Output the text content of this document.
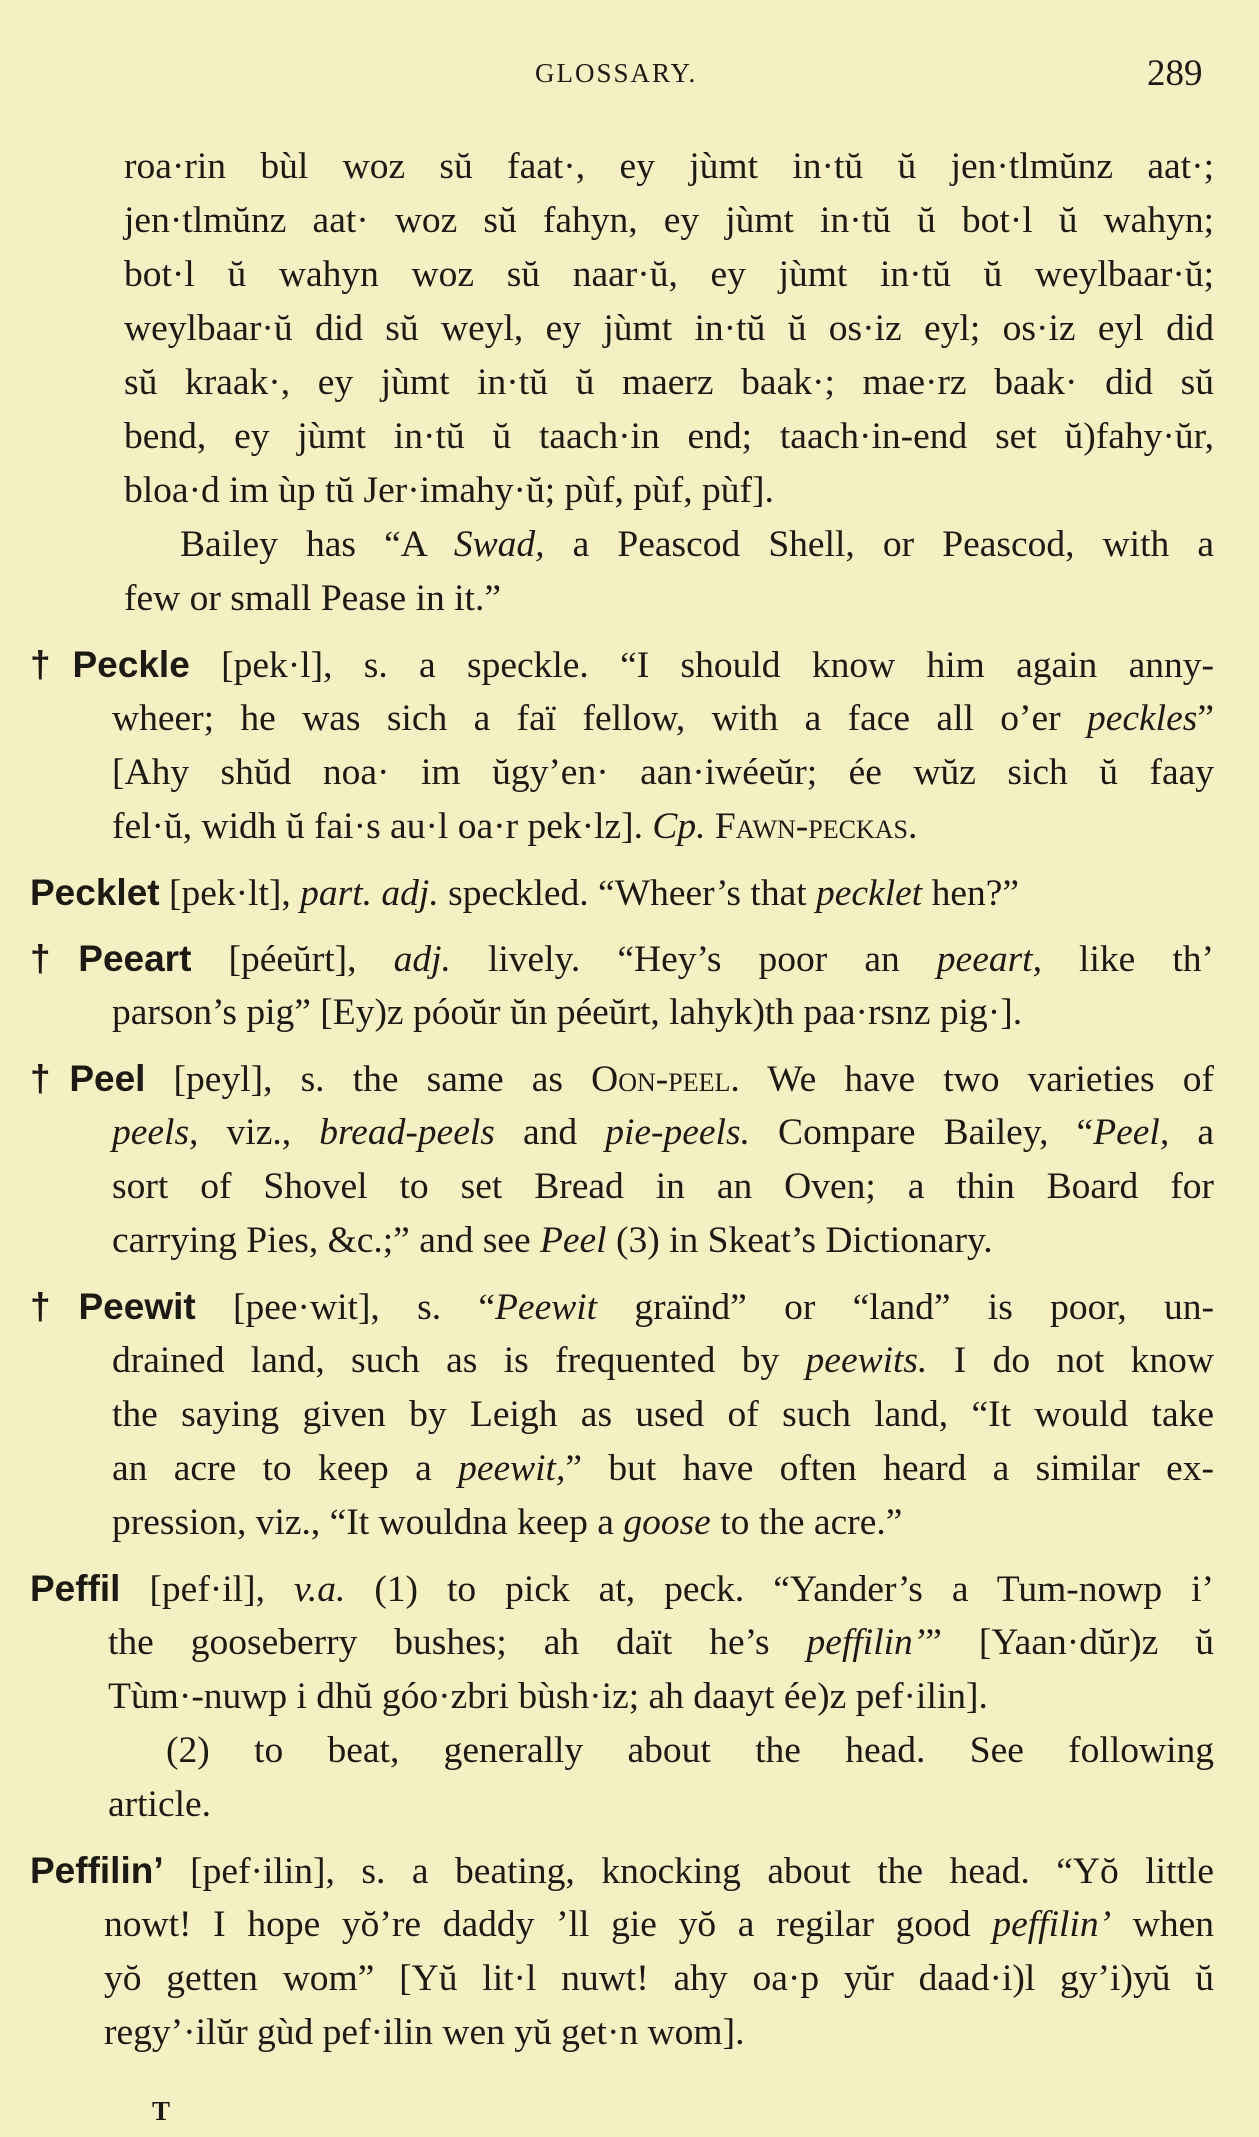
GLOSSARY.	289
roa·rin bùl woz sŭ faat·, ey jùmt in·tŭ ŭ jen·tlmŭnz aat·;
jen·tlmŭnz aat· woz sŭ fahyn, ey jùmt in·tŭ ŭ bot·l ŭ wahyn;
bot·l ŭ wahyn woz sŭ naar·ŭ, ey jùmt in·tŭ ŭ weylbaar·ŭ;
weylbaar·ŭ did sŭ weyl, ey jùmt in·tŭ ŭ os·iz eyl; os·iz eyl did
sŭ kraak·, ey jùmt in·tŭ ŭ maerz baak·; mae·rz baak· did sŭ
bend, ey jùmt in·tŭ ŭ taach·in end; taach·in-end set ŭ)fahy·ŭr,
bloa·d im ùp tŭ Jer·imahy·ŭ; pùf, pùf, pùf].
Bailey has “A Swad, a Peascod Shell, or Peascod, with a
few or small Pease in it.”
†Peckle [pek·l], s. a speckle. “I should know him again anny-
wheer; he was sich a faï fellow, with a face all o’er peckles”
[Ahy shŭd noa· im ŭgy’en· aan·iwéeŭr; ée wŭz sich ŭ faay
fel·ŭ, widh ŭ fai·s au·l oa·r pek·lz]. Cp. Fawn-peckas.
Pecklet [pek·lt], part. adj. speckled. “Wheer’s that pecklet hen?”
†Peeart [péeŭrt], adj. lively. “Hey’s poor an peeart, like th’
parson’s pig” [Ey)z póoŭr ŭn péeŭrt, lahyk)th paa·rsnz pig·].
†Peel [peyl], s. the same as Oon-peel. We have two varieties of
peels, viz., bread-peels and pie-peels. Compare Bailey, “Peel, a
sort of Shovel to set Bread in an Oven; a thin Board for
carrying Pies, &c.;” and see Peel (3) in Skeat’s Dictionary.
†Peewit [pee·wit], s. “Peewit graïnd” or “land” is poor, un-
drained land, such as is frequented by peewits. I do not know
the saying given by Leigh as used of such land, “It would take
an acre to keep a peewit,” but have often heard a similar ex-
pression, viz., “It wouldna keep a goose to the acre.”
Peffil [pef·il], v.a. (1) to pick at, peck. “Yander’s a Tum-nowp i’
the gooseberry bushes; ah daït he’s peffilin’” [Yaan·dŭr)z ŭ
Tùm·-nuwp i dhŭ góo·zbri bùsh·iz; ah daayt ée)z pef·ilin].
(2) to beat, generally about the head. See following
article.
Peffilin’ [pef·ilin], s. a beating, knocking about the head. “Yŏ little
nowt! I hope yŏ’re daddy ’ll gie yŏ a regilar good peffilin’ when
yŏ getten wom” [Yŭ lit·l nuwt! ahy oa·p yŭr daad·i)l gy’i)yŭ ŭ
regy’·ilŭr gùd pef·ilin wen yŭ get·n wom].
T
